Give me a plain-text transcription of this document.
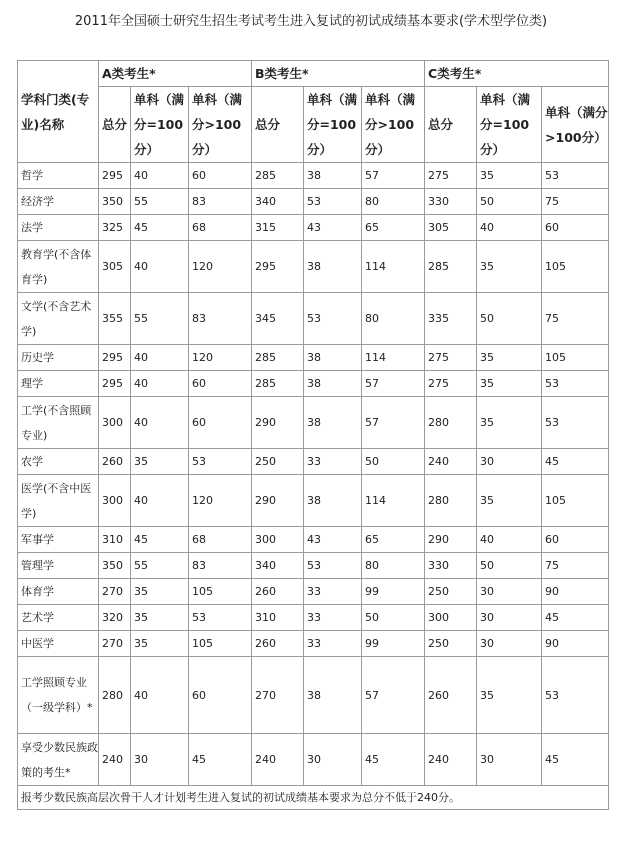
2011年全国硕士研究生招生考试考生进入复试的初试成绩基本要求(学术型学位类)
学科门类(专业)名称	A类考生*			B类考生*			C类考生*		
	总分	单科（满分=100分）	单科（满分>100分）	总分	单科（满分=100分）	单科（满分>100分）	总分	单科（满分=100分）	单科（满分>100分）
哲学	295	40	60	285	38	57	275	35	53
经济学	350	55	83	340	53	80	330	50	75
法学	325	45	68	315	43	65	305	40	60
教育学(不含体育学)	305	40	120	295	38	114	285	35	105
文学(不含艺术学)	355	55	83	345	53	80	335	50	75
历史学	295	40	120	285	38	114	275	35	105
理学	295	40	60	285	38	57	275	35	53
工学(不含照顾专业)	300	40	60	290	38	57	280	35	53
农学	260	35	53	250	33	50	240	30	45
医学(不含中医学)	300	40	120	290	38	114	280	35	105
军事学	310	45	68	300	43	65	290	40	60
管理学	350	55	83	340	53	80	330	50	75
体育学	270	35	105	260	33	99	250	30	90
艺术学	320	35	53	310	33	50	300	30	45
中医学	270	35	105	260	33	99	250	30	90
工学照顾专业（一级学科）*	280	40	60	270	38	57	260	35	53
享受少数民族政策的考生*	240	30	45	240	30	45	240	30	45
报考少数民族高层次骨干人才计划考生进入复试的初试成绩基本要求为总分不低于240分。									
